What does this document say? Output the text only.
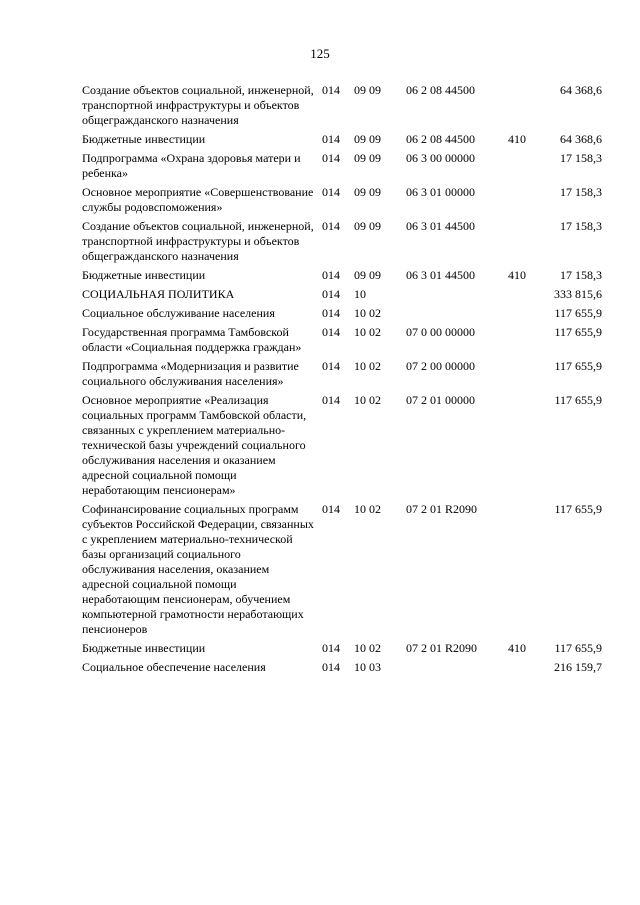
125
Создание объектов социальной, инженерной, транспортной инфраструктуры и объектов общегражданского назначения	014	09 09	06 2 08 44500		64 368,6
Бюджетные инвестиции	014	09 09	06 2 08 44500	410	64 368,6
Подпрограмма «Охрана здоровья матери и ребенка»	014	09 09	06 3 00 00000		17 158,3
Основное мероприятие «Совершенствование службы родовспоможения»	014	09 09	06 3 01 00000		17 158,3
Создание объектов социальной, инженерной, транспортной инфраструктуры и объектов общегражданского назначения	014	09 09	06 3 01 44500		17 158,3
Бюджетные инвестиции	014	09 09	06 3 01 44500	410	17 158,3
СОЦИАЛЬНАЯ ПОЛИТИКА	014	10			333 815,6
Социальное обслуживание населения	014	10 02			117 655,9
Государственная программа Тамбовской области «Социальная поддержка граждан»	014	10 02	07 0 00 00000		117 655,9
Подпрограмма «Модернизация и развитие социального обслуживания населения»	014	10 02	07 2 00 00000		117 655,9
Основное мероприятие «Реализация социальных программ Тамбовской области, связанных с укреплением материально-технической базы учреждений социального обслуживания населения и оказанием адресной социальной помощи неработающим пенсионерам»	014	10 02	07 2 01 00000		117 655,9
Софинансирование социальных программ субъектов Российской Федерации, связанных с укреплением материально-технической базы организаций социального обслуживания населения, оказанием адресной социальной помощи неработающим пенсионерам, обучением компьютерной грамотности неработающих пенсионеров	014	10 02	07 2 01 R2090		117 655,9
Бюджетные инвестиции	014	10 02	07 2 01 R2090	410	117 655,9
Социальное обеспечение населения	014	10 03			216 159,7
